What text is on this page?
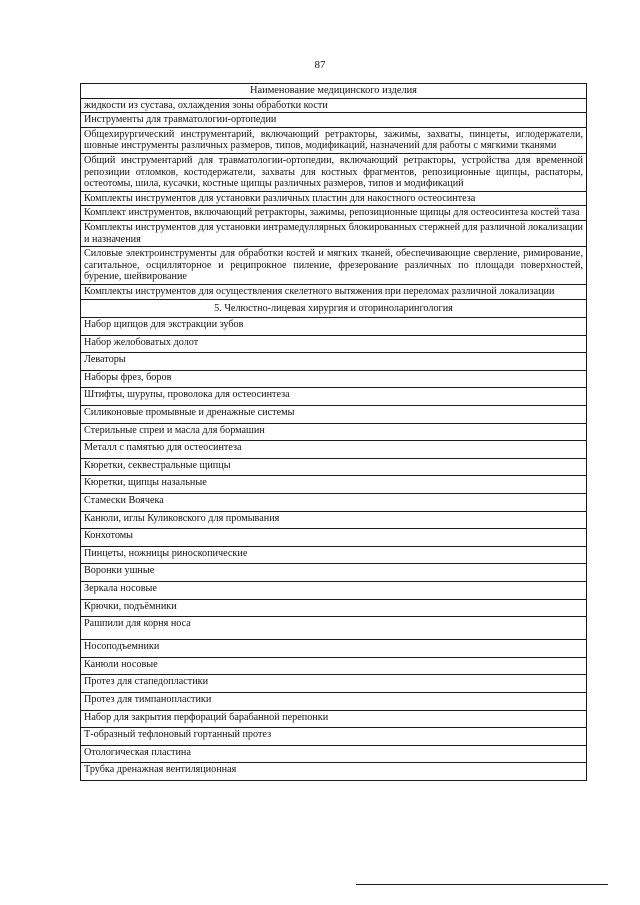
87
Наименование медицинского изделия
жидкости из сустава, охлаждения зоны обработки кости
Инструменты для травматологии-ортопедии
Общехирургический инструментарий, включающий ретракторы, зажимы, захваты, пинцеты, иглодержатели, шовные инструменты различных размеров, типов, модификаций, назначений для работы с мягкими тканями
Общий инструментарий для травматологии-ортопедии, включающий ретракторы, устройства для временной репозиции отломков, костодержатели, захваты для костных фрагментов, репозиционные щипцы, распаторы, остеотомы, шила, кусачки, костные щипцы различных размеров, типов и модификаций
Комплекты инструментов для установки различных пластин для накостного остеосинтеза
Комплект инструментов, включающий ретракторы, зажимы, репозиционные щипцы для остеосинтеза костей таза
Комплекты инструментов для установки интрамедуллярных блокированных стержней для различной локализации и назначения
Силовые электроинструменты для обработки костей и мягких тканей, обеспечивающие сверление, римирование, сагитальное, осцилляторное и реципрокное пиление, фрезерование различных по площади поверхностей, бурение, шейвирование
Комплекты инструментов для осуществления скелетного вытяжения при переломах различной локализации
5. Челюстно-лицевая хирургия и оториноларингология
Набор щипцов для экстракции зубов
Набор желобоватых долот
Леваторы
Наборы фрез, боров
Штифты, шурупы, проволока для остеосинтеза
Силиконовые промывные и дренажные системы
Стерильные спреи и масла для бормашин
Металл с памятью для остеосинтеза
Кюретки, секвестральные щипцы
Кюретки, щипцы назальные
Стамески Воячека
Канюли, иглы Куликовского для промывания
Конхотомы
Пинцеты, ножницы риноскопические
Воронки ушные
Зеркала носовые
Крючки, подъёмники
Рашпили для корня носа
Носоподъемники
Канюли носовые
Протез для стапедопластики
Протез для тимпанопластики
Набор для закрытия перфораций барабанной перепонки
Т-образный тефлоновый гортанный протез
Отологическая пластина
Трубка дренажная вентиляционная
